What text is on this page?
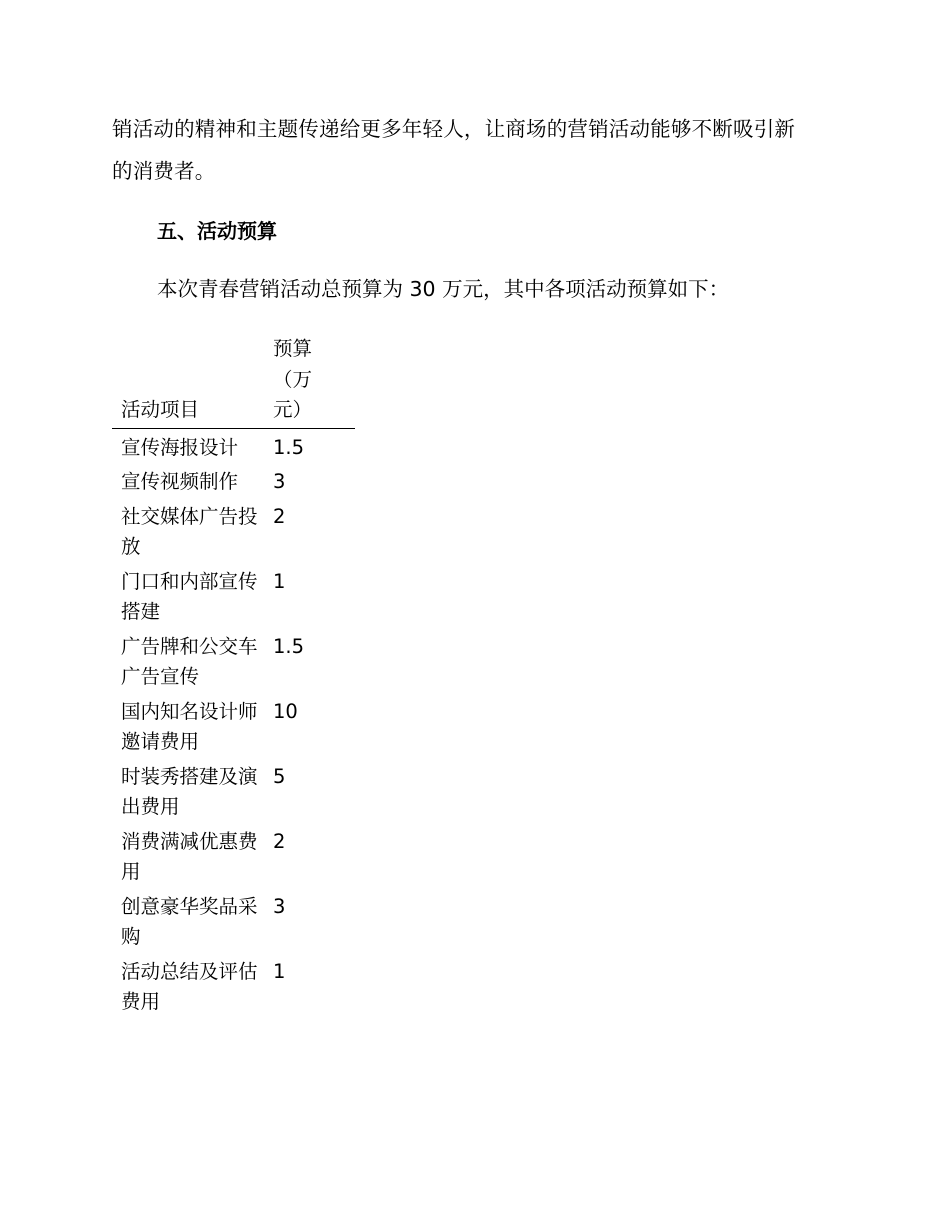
销活动的精神和主题传递给更多年轻人，让商场的营销活动能够不断吸引新
的消费者。
五、活动预算
本次青春营销活动总预算为 30 万元，其中各项活动预算如下：
活动项目	预算（万元）

宣传海报设计	1.5

宣传视频制作	3

社交媒体广告投放	2

门口和内部宣传搭建	1

广告牌和公交车广告宣传	1.5

国内知名设计师邀请费用	10

时装秀搭建及演出费用	5

消费满减优惠费用	2

创意豪华奖品采购	3

活动总结及评估费用	1
